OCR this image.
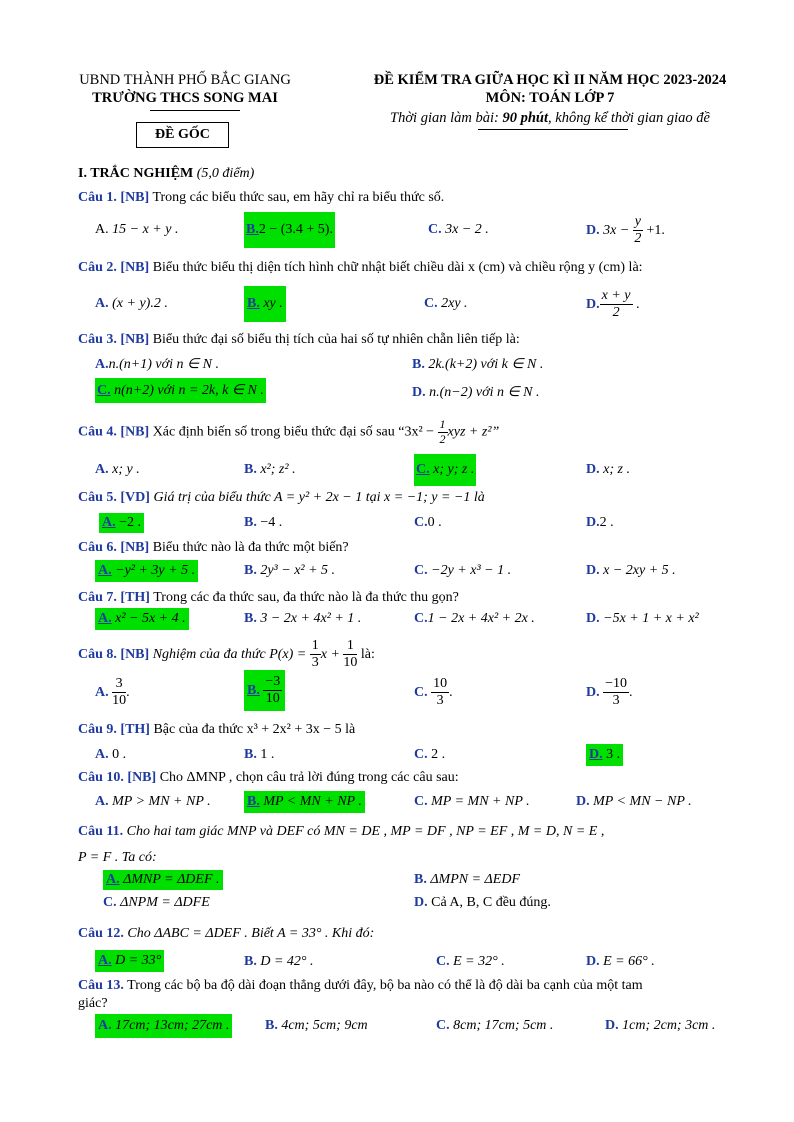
UBND THÀNH PHỐ BẮC GIANG
TRƯỜNG THCS SONG MAI
ĐỀ GỐC
ĐỀ KIỂM TRA GIỮA HỌC KÌ II NĂM HỌC 2023-2024
MÔN: TOÁN LỚP 7
Thời gian làm bài: 90 phút, không kể thời gian giao đề
I. TRẮC NGHIỆM (5,0 điểm)
Câu 1. [NB] Trong các biểu thức sau, em hãy chỉ ra biểu thức số.
A. 15 − x + y .	B.2 − (3.4 + 5).	C. 3x − 2 .	D. $3x - \frac{y}{2} +1$.
Câu 2. [NB] Biểu thức biểu thị diện tích hình chữ nhật biết chiều dài x (cm) và chiều rộng y (cm) là:
A. (x + y).2 .	B. xy .	C. 2xy .	D. $\frac{x + y}{2}$ .
Câu 3. [NB] Biểu thức đại số biểu thị tích của hai số tự nhiên chẵn liên tiếp là:
A.n.(n+1) với n ∈ N .	B. 2k.(k+2) với k ∈ N .
C. n(n+2) với n = 2k, k ∈ N .	D. n.(n−2) với n ∈ N .
Câu 4. [NB] Xác định biến số trong biểu thức đại số sau “$3x^2 - \frac{1}{2}$ xyz + z²”
A. x; y .	B. x²; z² .	C. x; y; z .	D. x; z .
Câu 5. [VD] Giá trị của biểu thức A = y² + 2x − 1 tại x = −1; y = −1 là
A. −2 .	B. −4 .	C.0 .	D.2 .
Câu 6. [NB] Biểu thức nào là đa thức một biến?
A. −y² + 3y + 5 .	B. 2y³ − x² + 5 .	C. −2y + x³ − 1 .	D. x − 2xy + 5 .
Câu 7. [TH] Trong các đa thức sau, đa thức nào là đa thức thu gọn?
A. x² − 5x + 4 .	B. 3 − 2x + 4x² + 1 .	C.1 − 2x + 4x² + 2x .	D. −5x + 1 + x + x²
Câu 8. [NB] Nghiệm của đa thức $P(x) = \frac{1}{3}$ $x + \frac{1}{10}$ là:
A. $\frac{3}{10}$ .	B. $\frac{-3}{10}$	C. $\frac{10}{3}$ .	D. $\frac{-10}{3}$ .
Câu 9. [TH] Bậc của đa thức x³ + 2x² + 3x − 5 là
A. 0 .	B. 1 .	C. 2 .	D. 3 .
Câu 10. [NB] Cho ΔMNP , chọn câu trả lời đúng trong các câu sau:
A. MP > MN + NP .	B. MP < MN + NP .	C. MP = MN + NP .	D. MP < MN − NP .
Câu 11. Cho hai tam giác MNP và DEF có MN = DE , MP = DF , NP = EF , M = D, N = E ,
P = F . Ta có:
A. ΔMNP = ΔDEF .	B. ΔMPN = ΔEDF
C. ΔNPM = ΔDFE	D. Cả A, B, C đều đúng.
Câu 12. Cho ΔABC = ΔDEF . Biết A = 33° . Khi đó:
A. D = 33°	B. D = 42° .	C. E = 32° .	D. E = 66° .
Câu 13. Trong các bộ ba độ dài đoạn thẳng dưới đây, bộ ba nào có thể là độ dài ba cạnh của một tam
giác?
A. 17cm; 13cm; 27cm .	B. 4cm; 5cm; 9cm	C. 8cm; 17cm; 5cm .	D. 1cm; 2cm; 3cm .
